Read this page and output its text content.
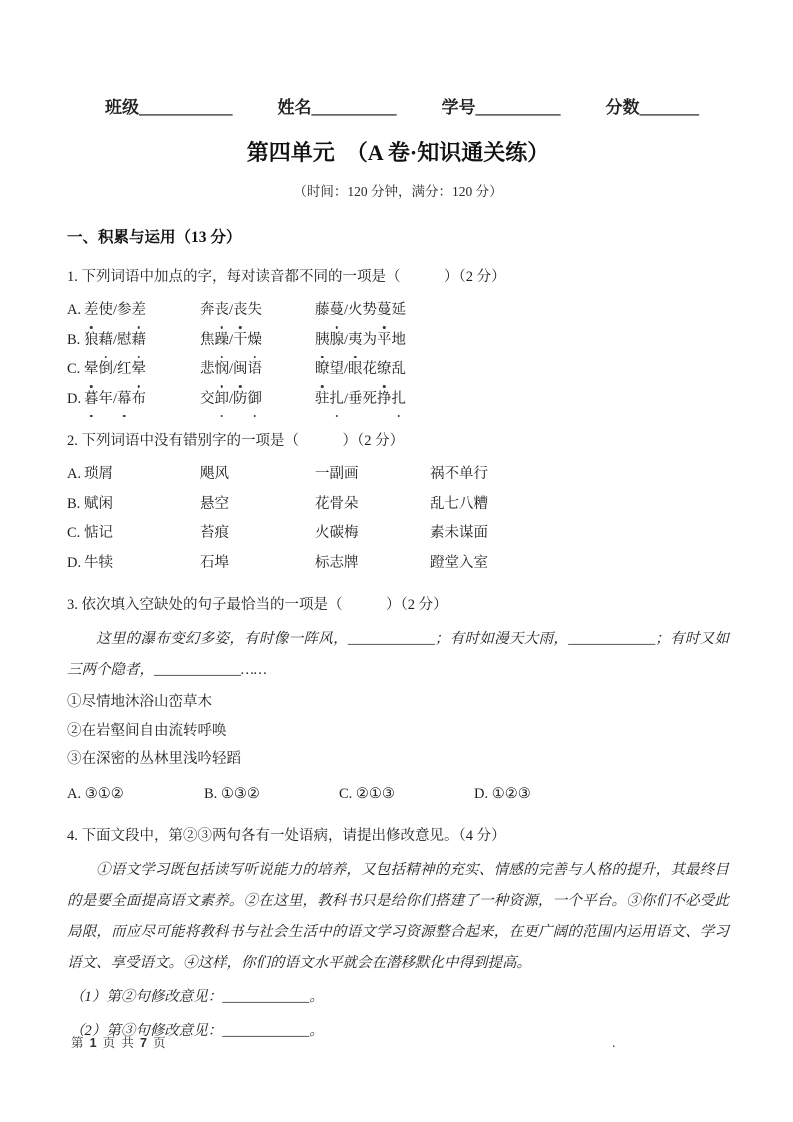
班级___________	姓名__________	学号__________	分数_______
第四单元　（A 卷·知识通关练）
（时间：120 分钟，满分：120 分）
一、积累与运用（13 分）

1. 下列词语中加点的字，每对读音都不同的一项是（　　　）（2 分）

A. 差使/参差	奔丧/丧失	藤蔓/火势蔓延
B. 狼藉/慰藉	焦躁/干燥	胰腺/夷为平地
C. 晕倒/红晕	悲悯/闽语	瞭望/眼花缭乱
D. 暮年/幕布	交卸/防御	驻扎/垂死挣扎

2. 下列词语中没有错别字的一项是（　　　）（2 分）

A. 琐屑	飓风	一副画	祸不单行
B. 赋闲	悬空	花骨朵	乱七八糟
C. 惦记	苔痕	火碳梅	素未谋面
D. 牛犊	石埠	标志牌	蹬堂入室

3. 依次填入空缺处的句子最恰当的一项是（　　　）（2 分）

这里的瀑布变幻多姿，有时像一阵风，____________；有时如漫天大雨，____________；有时又如三两个隐者，____________……

①尽情地沐浴山峦草木

②在岩壑间自由流转呼唤

③在深密的丛林里浅吟轻蹈

A. ③①②	B. ①③②	C. ②①③	D. ①②③

4. 下面文段中，第②③两句各有一处语病，请提出修改意见。（4 分）

①语文学习既包括读写听说能力的培养，又包括精神的充实、情感的完善与人格的提升，其最终目的是要全面提高语文素养。②在这里，教科书只是给你们搭建了一种资源，一个平台。③你们不必受此局限，而应尽可能将教科书与社会生活中的语文学习资源整合起来，在更广阔的范围内运用语文、学习语文、享受语文。④这样，你们的语文水平就会在潜移默化中得到提高。

（1）第②句修改意见：____________。

（2）第③句修改意见：____________。

第 1 页 共 7 页	.
